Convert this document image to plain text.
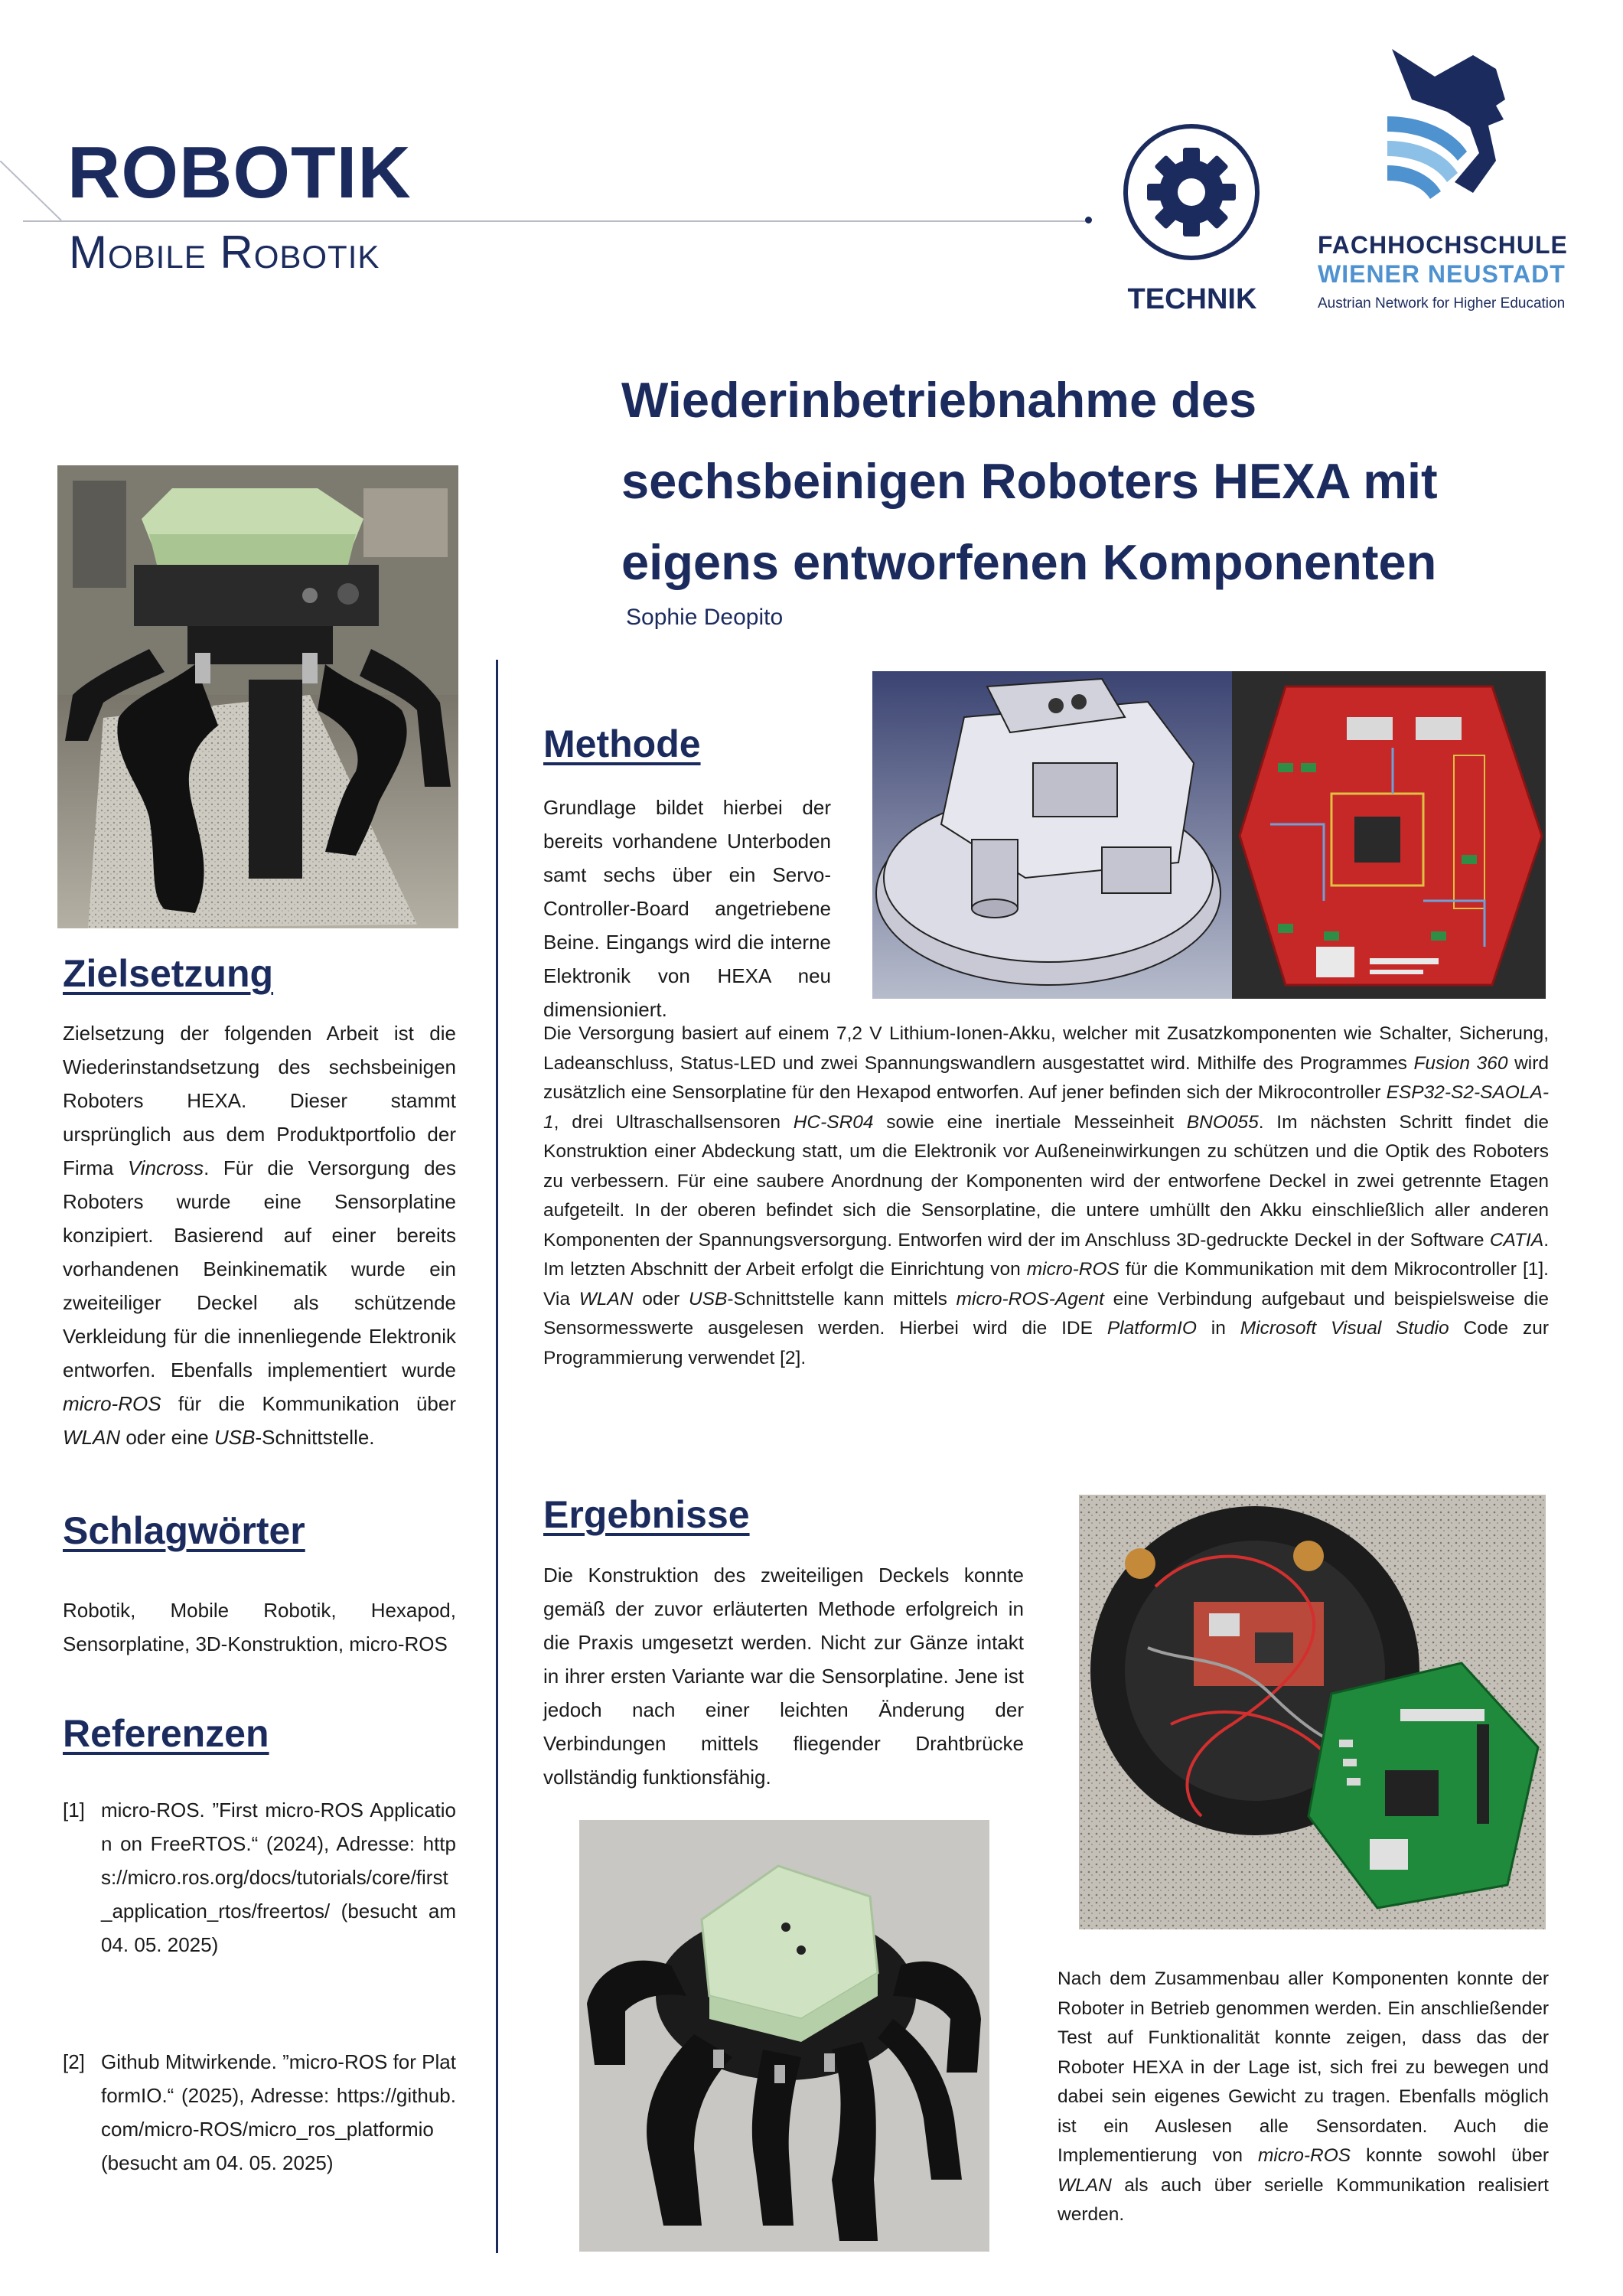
ROBOTIK
Mobile Robotik
TECHNIK
FACHHOCHSCHULE
WIENER NEUSTADT
Austrian Network for Higher Education
Wiederinbetriebnahme des sechsbeinigen Roboters HEXA mit eigens entworfenen Komponenten
Sophie Deopito
Zielsetzung
Zielsetzung der folgenden Arbeit ist die Wiederinstandsetzung des sechsbeinigen Roboters HEXA. Dieser stammt ursprünglich aus dem Produktportfolio der Firma Vincross. Für die Versorgung des Roboters wurde eine Sensorplatine konzipiert. Basierend auf einer bereits vorhandenen Beinkinematik wurde ein zweiteiliger Deckel als schützende Verkleidung für die innenliegende Elektronik entworfen. Ebenfalls implementiert wurde micro-ROS für die Kommunikation über WLAN oder eine USB-Schnittstelle.
Schlagwörter
Robotik, Mobile Robotik, Hexapod, Sensorplatine, 3D-Konstruktion, micro-ROS
Referenzen
[1] micro-ROS. ”First micro-ROS Application on FreeRTOS.“ (2024), Adresse: https://micro.ros.org/docs/tutorials/core/first_application_rtos/freertos/ (besucht am 04. 05. 2025)
[2] Github Mitwirkende. ”micro-ROS for PlatformIO.“ (2025), Adresse: https://github.com/micro-ROS/micro_ros_platformio (besucht am 04. 05. 2025)
Methode
Grundlage bildet hierbei der bereits vorhandene Unterboden samt sechs über ein Servo-Controller-Board angetriebene Beine. Eingangs wird die interne Elektronik von HEXA neu dimensioniert.
Die Versorgung basiert auf einem 7,2 V Lithium-Ionen-Akku, welcher mit Zusatzkomponenten wie Schalter, Sicherung, Ladeanschluss, Status-LED und zwei Spannungswandlern ausgestattet wird. Mithilfe des Programmes Fusion 360 wird zusätzlich eine Sensorplatine für den Hexapod entworfen. Auf jener befinden sich der Mikrocontroller ESP32-S2-SAOLA-1, drei Ultraschallsensoren HC-SR04 sowie eine inertiale Messeinheit BNO055. Im nächsten Schritt findet die Konstruktion einer Abdeckung statt, um die Elektronik vor Außeneinwirkungen zu schützen und die Optik des Roboters zu verbessern. Für eine saubere Anordnung der Komponenten wird der entworfene Deckel in zwei getrennte Etagen aufgeteilt. In der oberen befindet sich die Sensorplatine, die untere umhüllt den Akku einschließlich aller anderen Komponenten der Spannungsversorgung. Entworfen wird der im Anschluss 3D-gedruckte Deckel in der Software CATIA. Im letzten Abschnitt der Arbeit erfolgt die Einrichtung von micro-ROS für die Kommunikation mit dem Mikrocontroller [1]. Via WLAN oder USB-Schnittstelle kann mittels micro-ROS-Agent eine Verbindung aufgebaut und beispielsweise die Sensormesswerte ausgelesen werden. Hierbei wird die IDE PlatformIO in Microsoft Visual Studio Code zur Programmierung verwendet [2].
Ergebnisse
Die Konstruktion des zweiteiligen Deckels konnte gemäß der zuvor erläuterten Methode erfolgreich in die Praxis umgesetzt werden. Nicht zur Gänze intakt in ihrer ersten Variante war die Sensorplatine. Jene ist jedoch nach einer leichten Änderung der Verbindungen mittels fliegender Drahtbrücke vollständig funktionsfähig.
Nach dem Zusammenbau aller Komponenten konnte der Roboter in Betrieb genommen werden. Ein anschließender Test auf Funktionalität konnte zeigen, dass das der Roboter HEXA in der Lage ist, sich frei zu bewegen und dabei sein eigenes Gewicht zu tragen. Ebenfalls möglich ist ein Auslesen alle Sensordaten. Auch die Implementierung von micro-ROS konnte sowohl über WLAN als auch über serielle Kommunikation realisiert werden.
